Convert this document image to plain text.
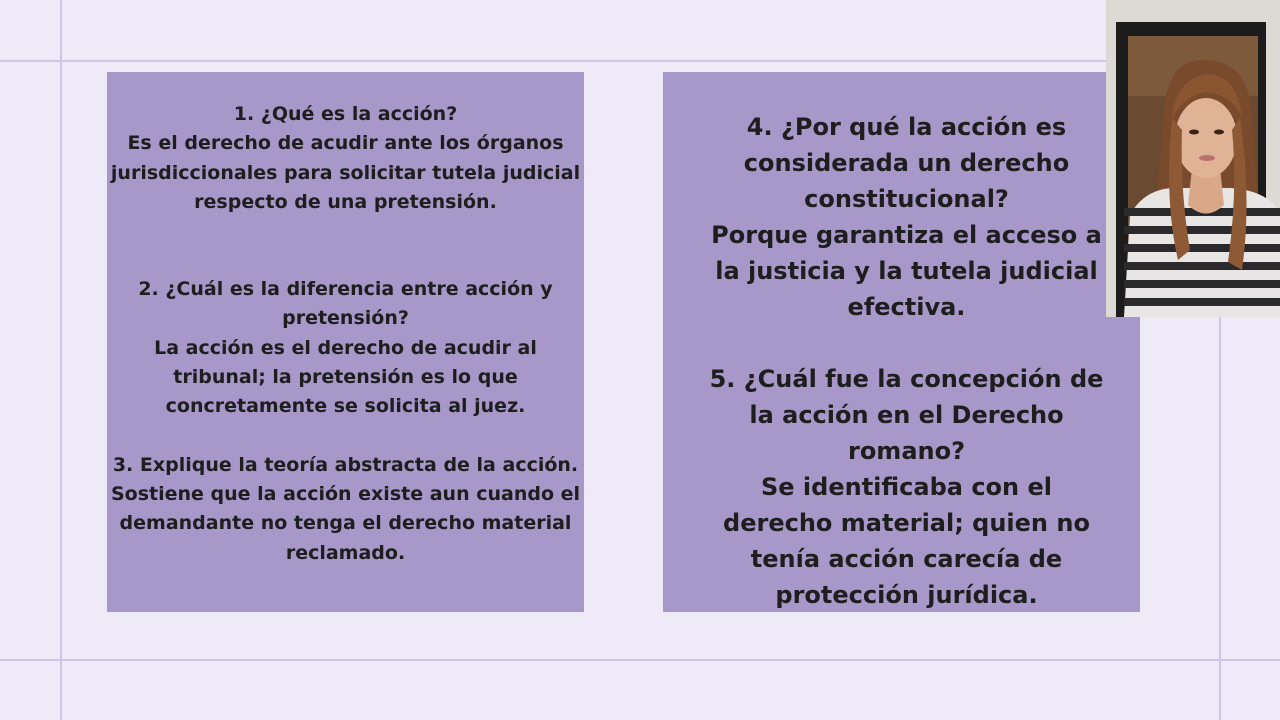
1. ¿Qué es la acción?

Es el derecho de acudir ante los órganos jurisdiccionales para solicitar tutela judicial respecto de una pretensión.

2. ¿Cuál es la diferencia entre acción y pretensión?

La acción es el derecho de acudir al tribunal; la pretensión es lo que concretamente se solicita al juez.

3. Explique la teoría abstracta de la acción.

Sostiene que la acción existe aun cuando el demandante no tenga el derecho material reclamado.

4. ¿Por qué la acción es considerada un derecho constitucional?

Porque garantiza el acceso a la justicia y la tutela judicial efectiva.

5. ¿Cuál fue la concepción de la acción en el Derecho romano?

Se identificaba con el derecho material; quien no tenía acción carecía de protección jurídica.
